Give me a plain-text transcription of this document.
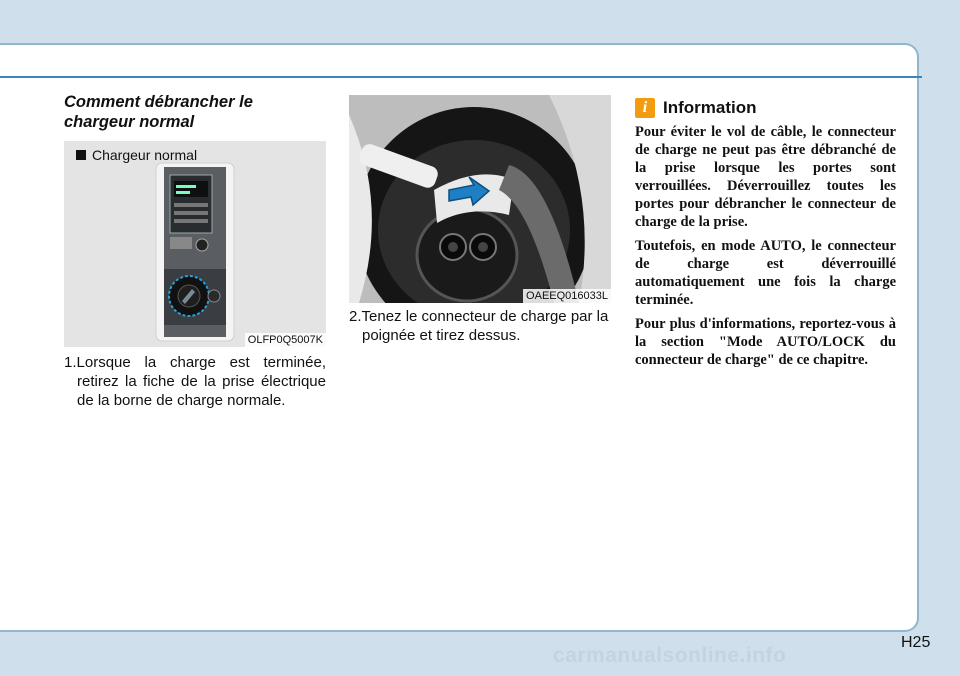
Comment débrancher le chargeur normal
Chargeur normal
OLFP0Q5007K
1.Lorsque la charge est terminée, retirez la fiche de la prise électrique de la borne de charge normale.
OAEEQ016033L
2.Tenez le connecteur de charge par la poignée et tirez dessus.
i Information

Pour éviter le vol de câble, le connecteur de charge ne peut pas être débranché de la prise lorsque les portes sont verrouillées. Déverrouillez toutes les portes pour débrancher le connecteur de charge de la prise.

Toutefois, en mode AUTO, le connecteur de charge est déverrouillé automatiquement une fois la charge terminée.

Pour plus d'informations, reportez-vous à la section "Mode AUTO/LOCK du connecteur de charge" de ce chapitre.

H25
carmanualsonline.info
